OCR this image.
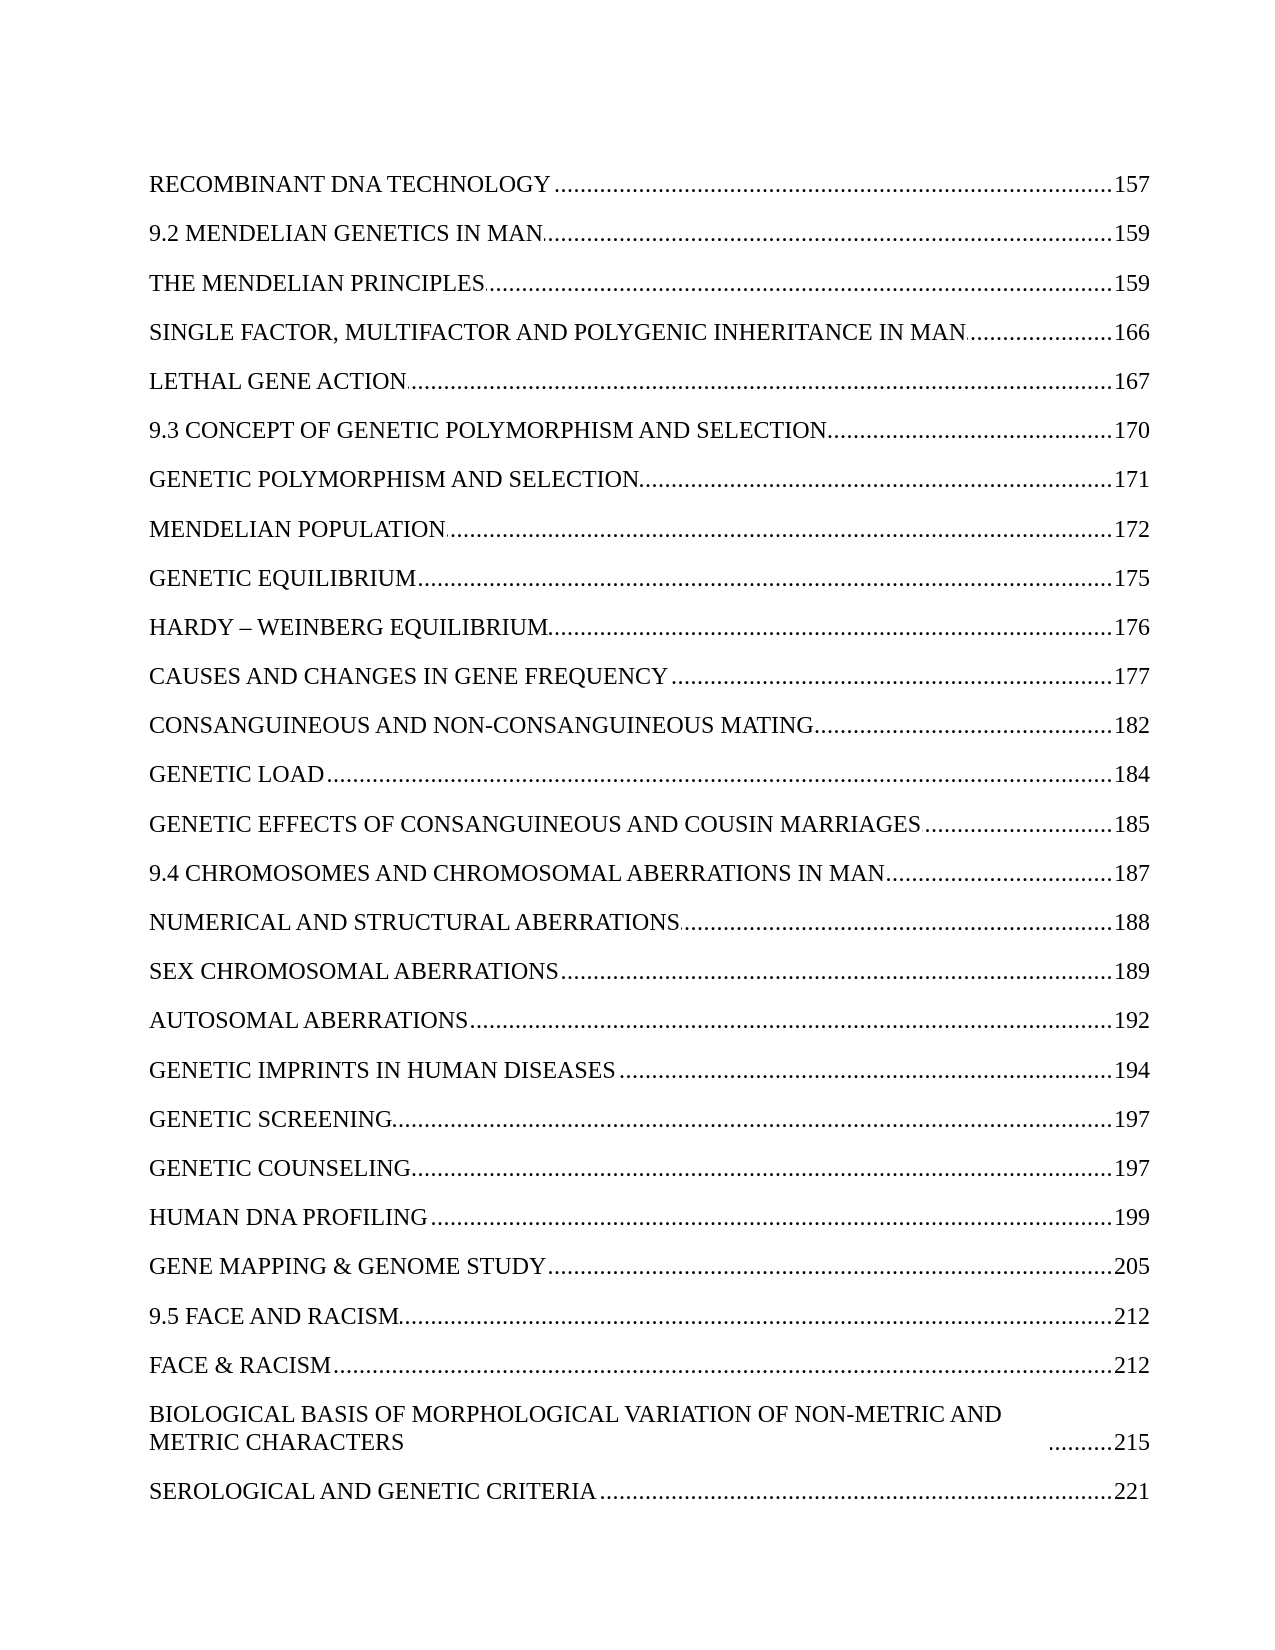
RECOMBINANT DNA TECHNOLOGY .....	157
9.2 MENDELIAN GENETICS IN MAN .....	159
THE MENDELIAN PRINCIPLES .....	159
SINGLE FACTOR, MULTIFACTOR AND POLYGENIC INHERITANCE IN MAN .....	166
LETHAL GENE ACTION .....	167
9.3 CONCEPT OF GENETIC POLYMORPHISM AND SELECTION .....	170
GENETIC POLYMORPHISM AND SELECTION .....	171
MENDELIAN POPULATION .....	172
GENETIC EQUILIBRIUM .....	175
HARDY – WEINBERG EQUILIBRIUM .....	176
CAUSES AND CHANGES IN GENE FREQUENCY .....	177
CONSANGUINEOUS AND NON-CONSANGUINEOUS MATING .....	182
GENETIC LOAD .....	184
GENETIC EFFECTS OF CONSANGUINEOUS AND COUSIN MARRIAGES .....	185
9.4 CHROMOSOMES AND CHROMOSOMAL ABERRATIONS IN MAN .....	187
NUMERICAL AND STRUCTURAL ABERRATIONS .....	188
SEX CHROMOSOMAL ABERRATIONS .....	189
AUTOSOMAL ABERRATIONS .....	192
GENETIC IMPRINTS IN HUMAN DISEASES .....	194
GENETIC SCREENING .....	197
GENETIC COUNSELING .....	197
HUMAN DNA PROFILING .....	199
GENE MAPPING & GENOME STUDY .....	205
9.5 FACE AND RACISM .....	212
FACE & RACISM .....	212
BIOLOGICAL BASIS OF MORPHOLOGICAL VARIATION OF NON-METRIC AND
METRIC CHARACTERS .....	215
SEROLOGICAL AND GENETIC CRITERIA .....	221
